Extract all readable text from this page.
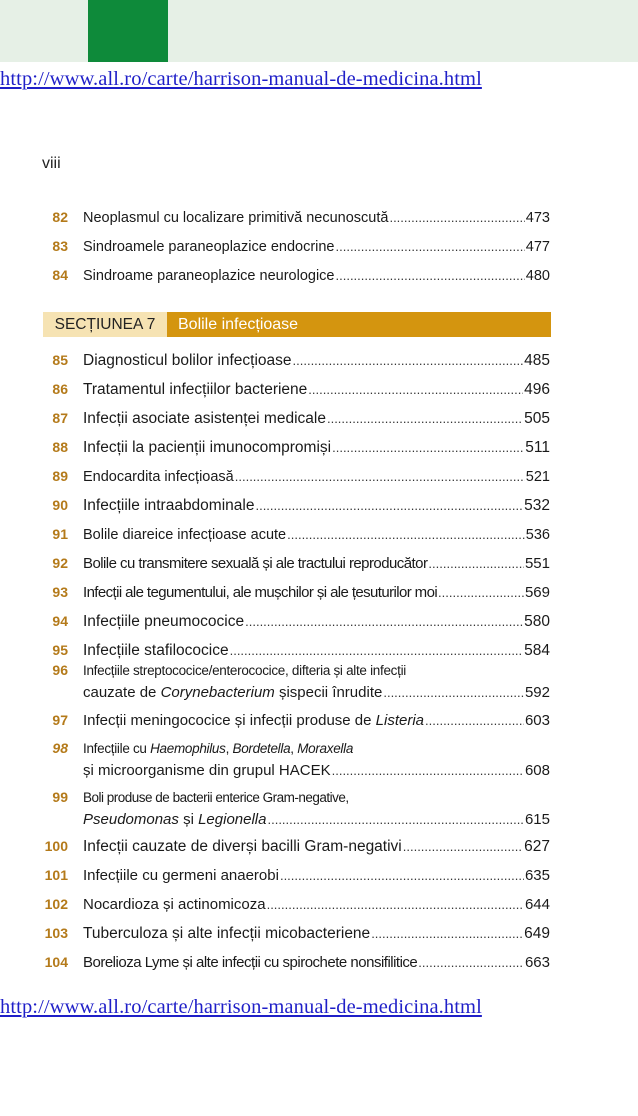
http://www.all.ro/carte/harrison-manual-de-medicina.html
viii
82 Neoplasmul cu localizare primitivă necunoscută .....	473
83 Sindroamele paraneoplazice endocrine .....	477
84 Sindroame paraneoplazice neurologice .....	480
SECȚIUNEA 7	Bolile infecțioase
85 Diagnosticul bolilor infecțioase .....	485
86 Tratamentul infecțiilor bacteriene .....	496
87 Infecții asociate asistenței medicale .....	505
88 Infecții la pacienții imunocompromiși .....	511
89 Endocardita infecțioasă .....	521
90 Infecțiile intraabdominale .....	532
91 Bolile diareice infecțioase acute .....	536
92 Bolile cu transmitere sexuală și ale tractului reproducător .....	551
93 Infecții ale tegumentului, ale mușchilor și ale țesuturilor moi .....	569
94 Infecțiile pneumococice .....	580
95 Infecțiile stafilococice .....	584
96 Infecțiile streptococice/enterococice, difteria și alte infecții
cauzate de Corynebacterium șispecii înrudite .....	592
97 Infecții meningococice și infecții produse de Listeria .....	603
98 Infecțiile cu Haemophilus, Bordetella, Moraxella
și microorganisme din grupul HACEK .....	608
99 Boli produse de bacterii enterice Gram-negative,
Pseudomonas și Legionella .....	615
100 Infecții cauzate de diverși bacilli Gram-negativi .....	627
101 Infecțiile cu germeni anaerobi .....	635
102 Nocardioza și actinomicoza .....	644
103 Tuberculoza și alte infecții micobacteriene .....	649
104 Borelioza Lyme și alte infecții cu spirochete nonsifilitice .....	663
http://www.all.ro/carte/harrison-manual-de-medicina.html
